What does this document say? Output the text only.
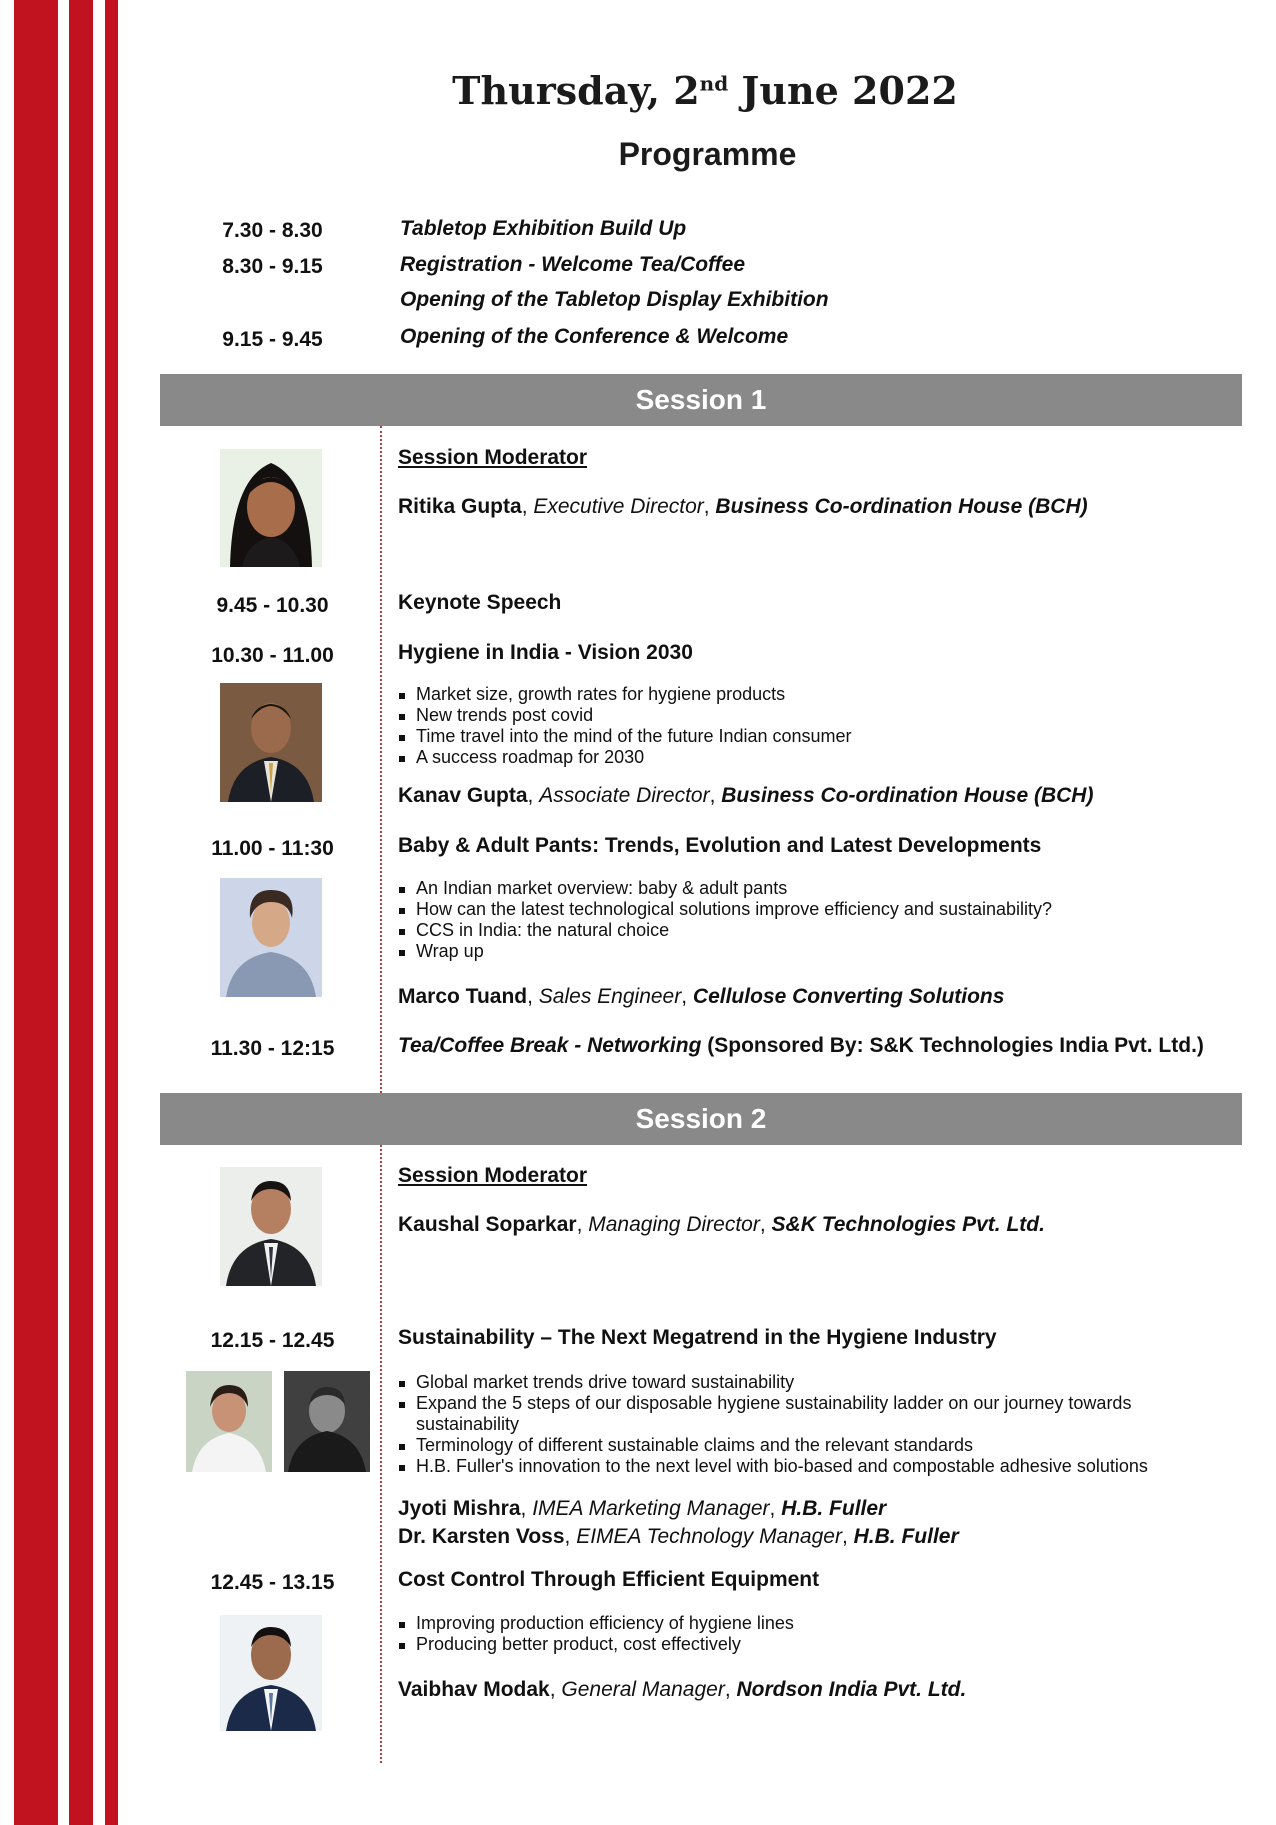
Thursday, 2nd June 2022
Programme
7.30 - 8.30	Tabletop Exhibition Build Up
8.30 - 9.15	Registration - Welcome Tea/Coffee
Opening of the Tabletop Display Exhibition
9.15 - 9.45	Opening of the Conference & Welcome
Session 1
Session Moderator
Ritika Gupta, Executive Director, Business Co-ordination House (BCH)
9.45 - 10.30	Keynote Speech
10.30 - 11.00	Hygiene in India - Vision 2030
Market size, growth rates for hygiene products
New trends post covid
Time travel into the mind of the future Indian consumer
A success roadmap for 2030
Kanav Gupta, Associate Director, Business Co-ordination House (BCH)
11.00 - 11:30	Baby & Adult Pants: Trends, Evolution and Latest Developments
An Indian market overview: baby & adult pants
How can the latest technological solutions improve efficiency and sustainability?
CCS in India: the natural choice
Wrap up
Marco Tuand, Sales Engineer, Cellulose Converting Solutions
11.30 - 12:15	Tea/Coffee Break - Networking (Sponsored By: S&K Technologies India Pvt. Ltd.)
Session 2
Session Moderator
Kaushal Soparkar, Managing Director, S&K Technologies Pvt. Ltd.
12.15 - 12.45	Sustainability – The Next Megatrend in the Hygiene Industry
Global market trends drive toward sustainability
Expand the 5 steps of our disposable hygiene sustainability ladder on our journey towards
sustainability
Terminology of different sustainable claims and the relevant standards
H.B. Fuller's innovation to the next level with bio-based and compostable adhesive solutions
Jyoti Mishra, IMEA Marketing Manager, H.B. Fuller
Dr. Karsten Voss, EIMEA Technology Manager, H.B. Fuller
12.45 - 13.15	Cost Control Through Efficient Equipment
Improving production efficiency of hygiene lines
Producing better product, cost effectively
Vaibhav Modak, General Manager, Nordson India Pvt. Ltd.
